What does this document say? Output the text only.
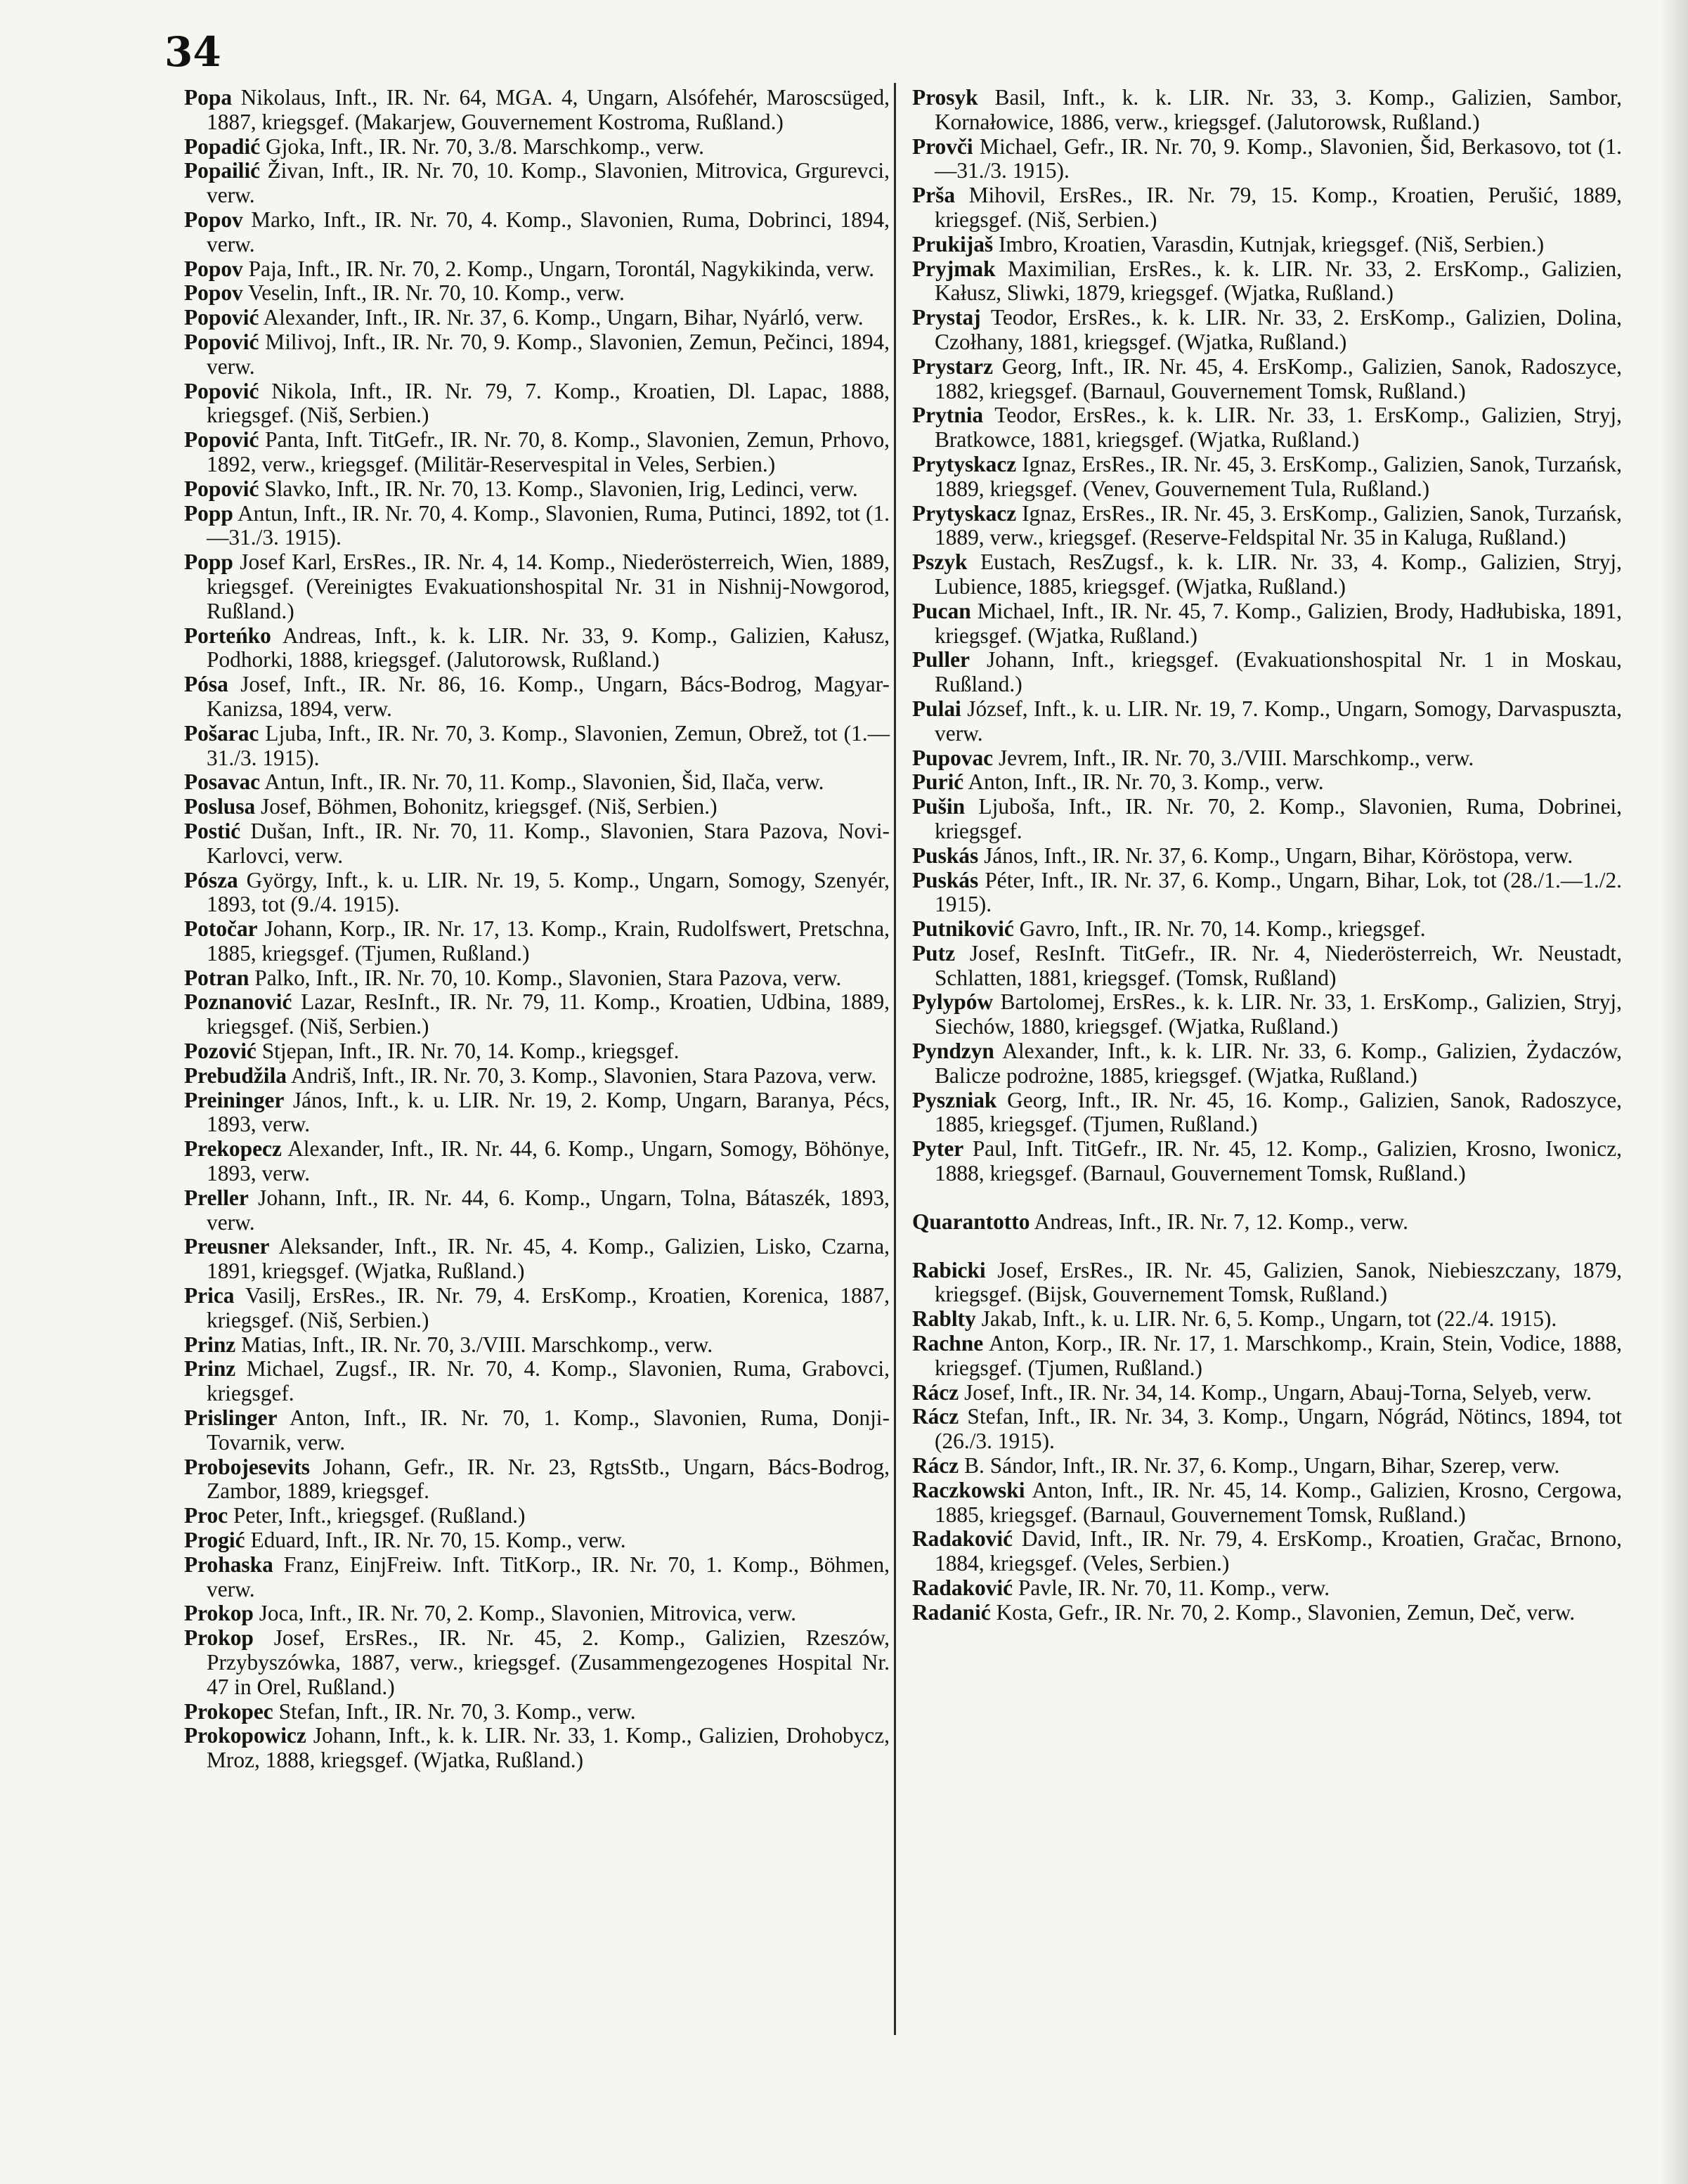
34

Popa Nikolaus, Inft., IR. Nr. 64, MGA. 4, Ungarn, Alsófehér, Maroscsüged, 1887, kriegsgef. (Makarjew, Gouvernement Kostroma, Rußland.)

Popadić Gjoka, Inft., IR. Nr. 70, 3./8. Marschkomp., verw.

Popailić Živan, Inft., IR. Nr. 70, 10. Komp., Slavonien, Mitrovica, Grgurevci, verw.

Popov Marko, Inft., IR. Nr. 70, 4. Komp., Slavonien, Ruma, Dobrinci, 1894, verw.

Popov Paja, Inft., IR. Nr. 70, 2. Komp., Ungarn, Torontál, Nagykikinda, verw.

Popov Veselin, Inft., IR. Nr. 70, 10. Komp., verw.

Popović Alexander, Inft., IR. Nr. 37, 6. Komp., Ungarn, Bihar, Nyárló, verw.

Popović Milivoj, Inft., IR. Nr. 70, 9. Komp., Slavonien, Zemun, Pečinci, 1894, verw.

Popović Nikola, Inft., IR. Nr. 79, 7. Komp., Kroatien, Dl. Lapac, 1888, kriegsgef. (Niš, Serbien.)

Popović Panta, Inft. TitGefr., IR. Nr. 70, 8. Komp., Slavonien, Zemun, Prhovo, 1892, verw., kriegsgef. (Militär-Reservespital in Veles, Serbien.)

Popović Slavko, Inft., IR. Nr. 70, 13. Komp., Slavonien, Irig, Ledinci, verw.

Popp Antun, Inft., IR. Nr. 70, 4. Komp., Slavonien, Ruma, Putinci, 1892, tot (1.—31./3. 1915).

Popp Josef Karl, ErsRes., IR. Nr. 4, 14. Komp., Niederösterreich, Wien, 1889, kriegsgef. (Vereinigtes Evakuationshospital Nr. 31 in Nishnij-Nowgorod, Rußland.)

Porteńko Andreas, Inft., k. k. LIR. Nr. 33, 9. Komp., Galizien, Kałusz, Podhorki, 1888, kriegsgef. (Jalutorowsk, Rußland.)

Pósa Josef, Inft., IR. Nr. 86, 16. Komp., Ungarn, Bács-Bodrog, Magyar-Kanizsa, 1894, verw.

Pošarac Ljuba, Inft., IR. Nr. 70, 3. Komp., Slavonien, Zemun, Obrež, tot (1.—31./3. 1915).

Posavac Antun, Inft., IR. Nr. 70, 11. Komp., Slavonien, Šid, Ilača, verw.

Poslusa Josef, Böhmen, Bohonitz, kriegsgef. (Niš, Serbien.)

Postić Dušan, Inft., IR. Nr. 70, 11. Komp., Slavonien, Stara Pazova, Novi-Karlovci, verw.

Pósza György, Inft., k. u. LIR. Nr. 19, 5. Komp., Ungarn, Somogy, Szenyér, 1893, tot (9./4. 1915).

Potočar Johann, Korp., IR. Nr. 17, 13. Komp., Krain, Rudolfswert, Pretschna, 1885, kriegsgef. (Tjumen, Rußland.)

Potran Palko, Inft., IR. Nr. 70, 10. Komp., Slavonien, Stara Pazova, verw.

Poznanović Lazar, ResInft., IR. Nr. 79, 11. Komp., Kroatien, Udbina, 1889, kriegsgef. (Niš, Serbien.)

Pozović Stjepan, Inft., IR. Nr. 70, 14. Komp., kriegsgef.

Prebudžila Andriš, Inft., IR. Nr. 70, 3. Komp., Slavonien, Stara Pazova, verw.

Preininger János, Inft., k. u. LIR. Nr. 19, 2. Komp, Ungarn, Baranya, Pécs, 1893, verw.

Prekopecz Alexander, Inft., IR. Nr. 44, 6. Komp., Ungarn, Somogy, Böhönye, 1893, verw.

Preller Johann, Inft., IR. Nr. 44, 6. Komp., Ungarn, Tolna, Bátaszék, 1893, verw.

Preusner Aleksander, Inft., IR. Nr. 45, 4. Komp., Galizien, Lisko, Czarna, 1891, kriegsgef. (Wjatka, Rußland.)

Prica Vasilj, ErsRes., IR. Nr. 79, 4. ErsKomp., Kroatien, Korenica, 1887, kriegsgef. (Niš, Serbien.)

Prinz Matias, Inft., IR. Nr. 70, 3./VIII. Marschkomp., verw.

Prinz Michael, Zugsf., IR. Nr. 70, 4. Komp., Slavonien, Ruma, Grabovci, kriegsgef.

Prislinger Anton, Inft., IR. Nr. 70, 1. Komp., Slavonien, Ruma, Donji-Tovarnik, verw.

Probojesevits Johann, Gefr., IR. Nr. 23, RgtsStb., Ungarn, Bács-Bodrog, Zambor, 1889, kriegsgef.

Proc Peter, Inft., kriegsgef. (Rußland.)

Progić Eduard, Inft., IR. Nr. 70, 15. Komp., verw.

Prohaska Franz, EinjFreiw. Inft. TitKorp., IR. Nr. 70, 1. Komp., Böhmen, verw.

Prokop Joca, Inft., IR. Nr. 70, 2. Komp., Slavonien, Mitrovica, verw.

Prokop Josef, ErsRes., IR. Nr. 45, 2. Komp., Galizien, Rzeszów, Przybyszówka, 1887, verw., kriegsgef. (Zusammengezogenes Hospital Nr. 47 in Orel, Rußland.)

Prokopec Stefan, Inft., IR. Nr. 70, 3. Komp., verw.

Prokopowicz Johann, Inft., k. k. LIR. Nr. 33, 1. Komp., Galizien, Drohobycz, Mroz, 1888, kriegsgef. (Wjatka, Rußland.)

Prosyk Basil, Inft., k. k. LIR. Nr. 33, 3. Komp., Galizien, Sambor, Kornałowice, 1886, verw., kriegsgef. (Jalutorowsk, Rußland.)

Provči Michael, Gefr., IR. Nr. 70, 9. Komp., Slavonien, Šid, Berkasovo, tot (1.—31./3. 1915).

Prša Mihovil, ErsRes., IR. Nr. 79, 15. Komp., Kroatien, Perušić, 1889, kriegsgef. (Niš, Serbien.)

Prukijaš Imbro, Kroatien, Varasdin, Kutnjak, kriegsgef. (Niš, Serbien.)

Pryjmak Maximilian, ErsRes., k. k. LIR. Nr. 33, 2. ErsKomp., Galizien, Kałusz, Sliwki, 1879, kriegsgef. (Wjatka, Rußland.)

Prystaj Teodor, ErsRes., k. k. LIR. Nr. 33, 2. ErsKomp., Galizien, Dolina, Czołhany, 1881, kriegsgef. (Wjatka, Rußland.)

Prystarz Georg, Inft., IR. Nr. 45, 4. ErsKomp., Galizien, Sanok, Radoszyce, 1882, kriegsgef. (Barnaul, Gouvernement Tomsk, Rußland.)

Prytnia Teodor, ErsRes., k. k. LIR. Nr. 33, 1. ErsKomp., Galizien, Stryj, Bratkowce, 1881, kriegsgef. (Wjatka, Rußland.)

Prytyskacz Ignaz, ErsRes., IR. Nr. 45, 3. ErsKomp., Galizien, Sanok, Turzańsk, 1889, kriegsgef. (Venev, Gouvernement Tula, Rußland.)

Prytyskacz Ignaz, ErsRes., IR. Nr. 45, 3. ErsKomp., Galizien, Sanok, Turzańsk, 1889, verw., kriegsgef. (Reserve-Feldspital Nr. 35 in Kaluga, Rußland.)

Pszyk Eustach, ResZugsf., k. k. LIR. Nr. 33, 4. Komp., Galizien, Stryj, Lubience, 1885, kriegsgef. (Wjatka, Rußland.)

Pucan Michael, Inft., IR. Nr. 45, 7. Komp., Galizien, Brody, Hadłubiska, 1891, kriegsgef. (Wjatka, Rußland.)

Puller Johann, Inft., kriegsgef. (Evakuationshospital Nr. 1 in Moskau, Rußland.)

Pulai József, Inft., k. u. LIR. Nr. 19, 7. Komp., Ungarn, Somogy, Darvaspuszta, verw.

Pupovac Jevrem, Inft., IR. Nr. 70, 3./VIII. Marschkomp., verw.

Purić Anton, Inft., IR. Nr. 70, 3. Komp., verw.

Pušin Ljuboša, Inft., IR. Nr. 70, 2. Komp., Slavonien, Ruma, Dobrinei, kriegsgef.

Puskás János, Inft., IR. Nr. 37, 6. Komp., Ungarn, Bihar, Köröstopa, verw.

Puskás Péter, Inft., IR. Nr. 37, 6. Komp., Ungarn, Bihar, Lok, tot (28./1.—1./2. 1915).

Putniković Gavro, Inft., IR. Nr. 70, 14. Komp., kriegsgef.

Putz Josef, ResInft. TitGefr., IR. Nr. 4, Niederösterreich, Wr. Neustadt, Schlatten, 1881, kriegsgef. (Tomsk, Rußland)

Pylypów Bartolomej, ErsRes., k. k. LIR. Nr. 33, 1. ErsKomp., Galizien, Stryj, Siechów, 1880, kriegsgef. (Wjatka, Rußland.)

Pyndzyn Alexander, Inft., k. k. LIR. Nr. 33, 6. Komp., Galizien, Żydaczów, Balicze podrożne, 1885, kriegsgef. (Wjatka, Rußland.)

Pyszniak Georg, Inft., IR. Nr. 45, 16. Komp., Galizien, Sanok, Radoszyce, 1885, kriegsgef. (Tjumen, Rußland.)

Pyter Paul, Inft. TitGefr., IR. Nr. 45, 12. Komp., Galizien, Krosno, Iwonicz, 1888, kriegsgef. (Barnaul, Gouvernement Tomsk, Rußland.)

Quarantotto Andreas, Inft., IR. Nr. 7, 12. Komp., verw.

Rabicki Josef, ErsRes., IR. Nr. 45, Galizien, Sanok, Niebieszczany, 1879, kriegsgef. (Bijsk, Gouvernement Tomsk, Rußland.)

Rablty Jakab, Inft., k. u. LIR. Nr. 6, 5. Komp., Ungarn, tot (22./4. 1915).

Rachne Anton, Korp., IR. Nr. 17, 1. Marschkomp., Krain, Stein, Vodice, 1888, kriegsgef. (Tjumen, Rußland.)

Rácz Josef, Inft., IR. Nr. 34, 14. Komp., Ungarn, Abauj-Torna, Selyeb, verw.

Rácz Stefan, Inft., IR. Nr. 34, 3. Komp., Ungarn, Nógrád, Nötincs, 1894, tot (26./3. 1915).

Rácz B. Sándor, Inft., IR. Nr. 37, 6. Komp., Ungarn, Bihar, Szerep, verw.

Raczkowski Anton, Inft., IR. Nr. 45, 14. Komp., Galizien, Krosno, Cergowa, 1885, kriegsgef. (Barnaul, Gouvernement Tomsk, Rußland.)

Radaković David, Inft., IR. Nr. 79, 4. ErsKomp., Kroatien, Gračac, Brnono, 1884, kriegsgef. (Veles, Serbien.)

Radaković Pavle, IR. Nr. 70, 11. Komp., verw.

Radanić Kosta, Gefr., IR. Nr. 70, 2. Komp., Slavonien, Zemun, Deč, verw.
